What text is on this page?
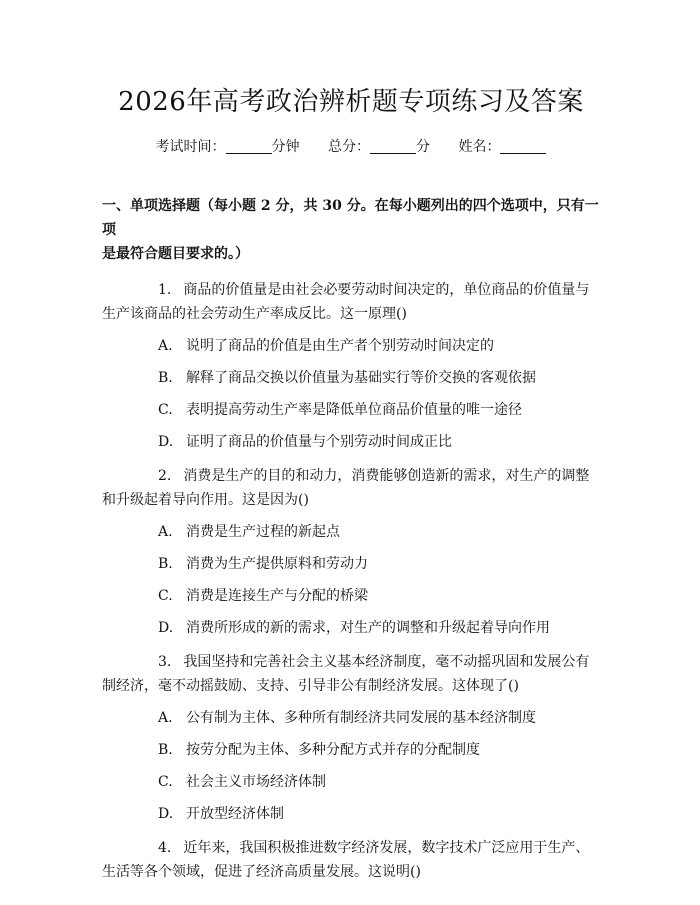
2026年高考政治辨析题专项练习及答案
考试时间：	分钟 总分：	分 姓名：
一、单项选择题（每小题 2 分，共 30 分。在每小题列出的四个选项中，只有一项
是最符合题目要求的。）
1. 商品的价值量是由社会必要劳动时间决定的，单位商品的价值量与生产该商品的社会劳动生产率成反比。这一原理()
A. 说明了商品的价值是由生产者个别劳动时间决定的
B. 解释了商品交换以价值量为基础实行等价交换的客观依据
C. 表明提高劳动生产率是降低单位商品价值量的唯一途径
D. 证明了商品的价值量与个别劳动时间成正比
2. 消费是生产的目的和动力，消费能够创造新的需求，对生产的调整和升级起着导向作用。这是因为()
A. 消费是生产过程的新起点
B. 消费为生产提供原料和劳动力
C. 消费是连接生产与分配的桥梁
D. 消费所形成的新的需求，对生产的调整和升级起着导向作用
3. 我国坚持和完善社会主义基本经济制度，毫不动摇巩固和发展公有制经济，毫不动摇鼓励、支持、引导非公有制经济发展。这体现了()
A. 公有制为主体、多种所有制经济共同发展的基本经济制度
B. 按劳分配为主体、多种分配方式并存的分配制度
C. 社会主义市场经济体制
D. 开放型经济体制
4. 近年来，我国积极推进数字经济发展，数字技术广泛应用于生产、生活等各个领域，促进了经济高质量发展。这说明()
